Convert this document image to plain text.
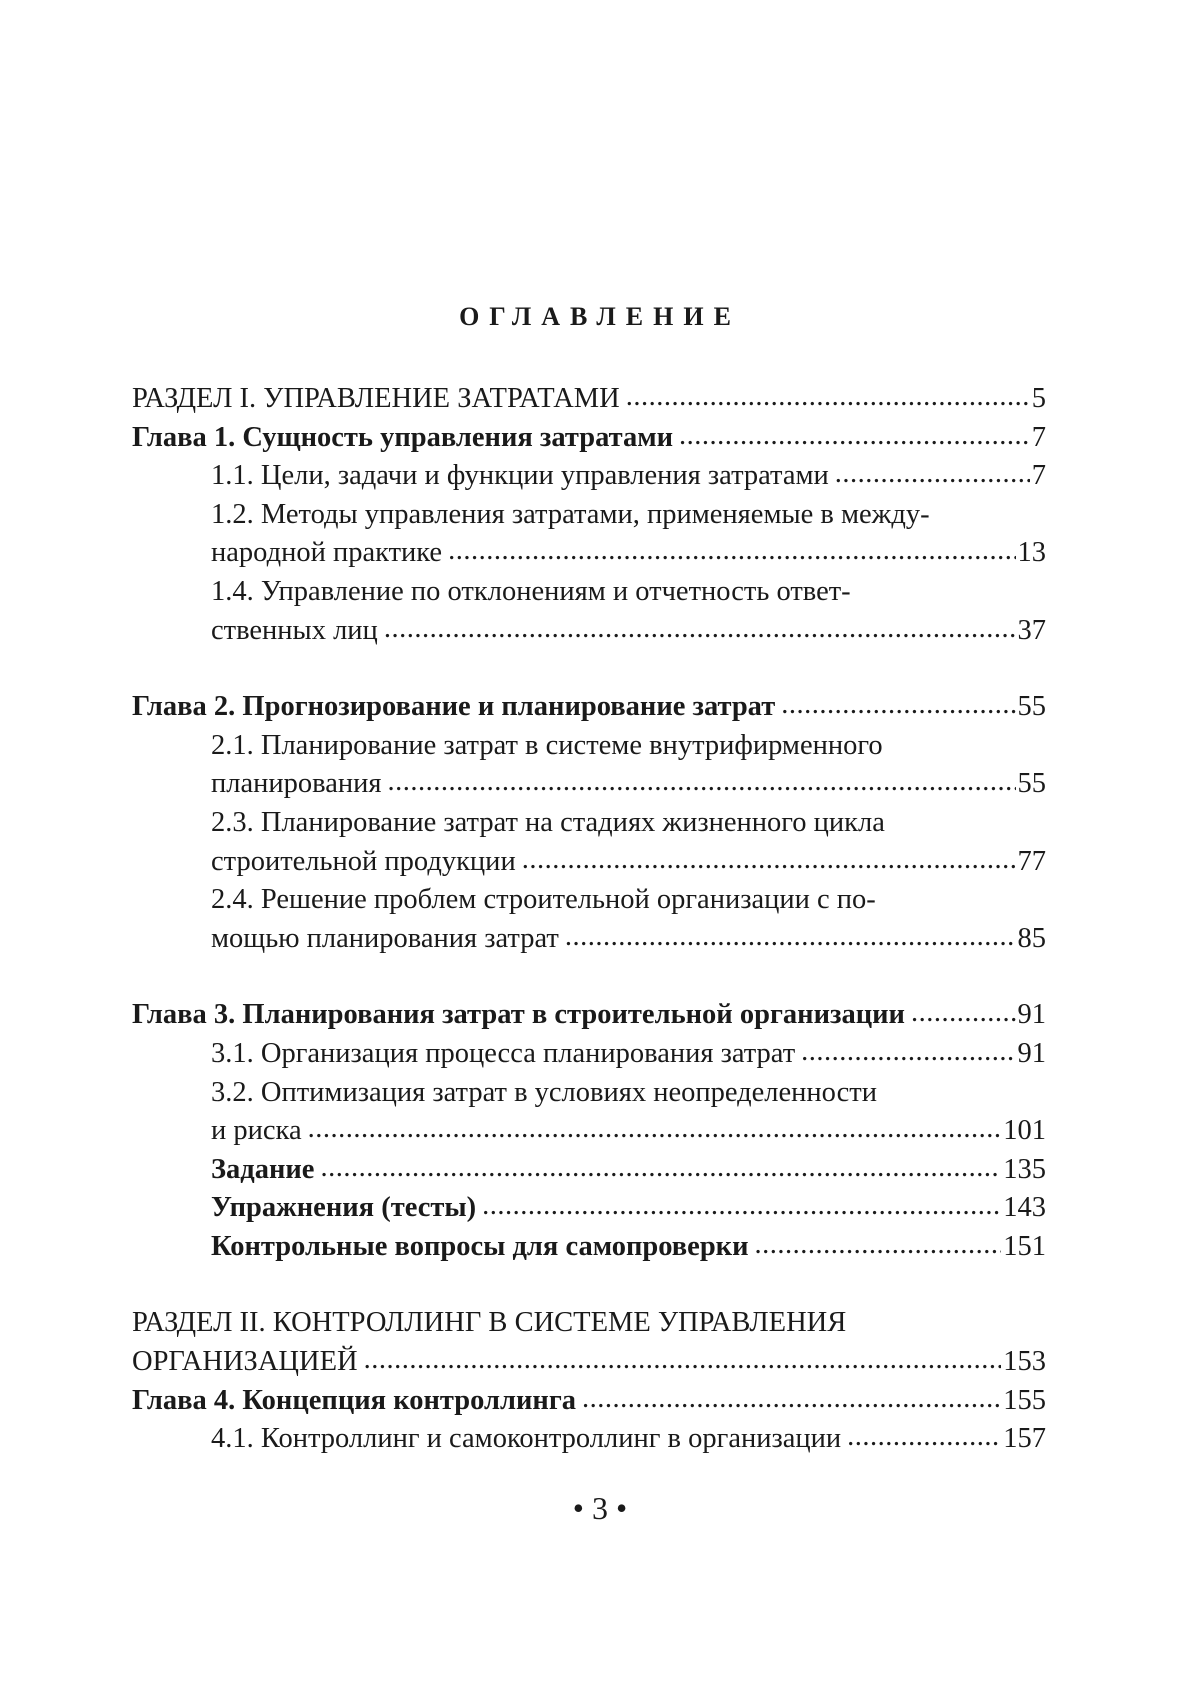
ОГЛАВЛЕНИЕ
РАЗДЕЛ I. УПРАВЛЕНИЕ ЗАТРАТАМИ .....	5
Глава 1. Сущность управления затратами .....	7
1.1. Цели, задачи и функции управления затратами .....	7
1.2. Методы управления затратами, применяемые в между-
народной практике .....	13
1.4. Управление по отклонениям и отчетность ответ-
ственных лиц .....	37
Глава 2. Прогнозирование и планирование затрат .....	55
2.1. Планирование затрат в системе внутрифирменного
планирования .....	55
2.3. Планирование затрат на стадиях жизненного цикла
строительной продукции .....	77
2.4. Решение проблем строительной организации с по-
мощью планирования затрат .....	85
Глава 3. Планирования затрат в строительной организации .....	91
3.1. Организация процесса планирования затрат .....	91
3.2. Оптимизация затрат в условиях неопределенности
и риска .....	101
Задание .....	135
Упражнения (тесты) .....	143
Контрольные вопросы для самопроверки .....	151
РАЗДЕЛ II. КОНТРОЛЛИНГ В СИСТЕМЕ УПРАВЛЕНИЯ
ОРГАНИЗАЦИЕЙ .....	153
Глава 4. Концепция контроллинга .....	155
4.1. Контроллинг и самоконтроллинг в организации .....	157
• 3 •
